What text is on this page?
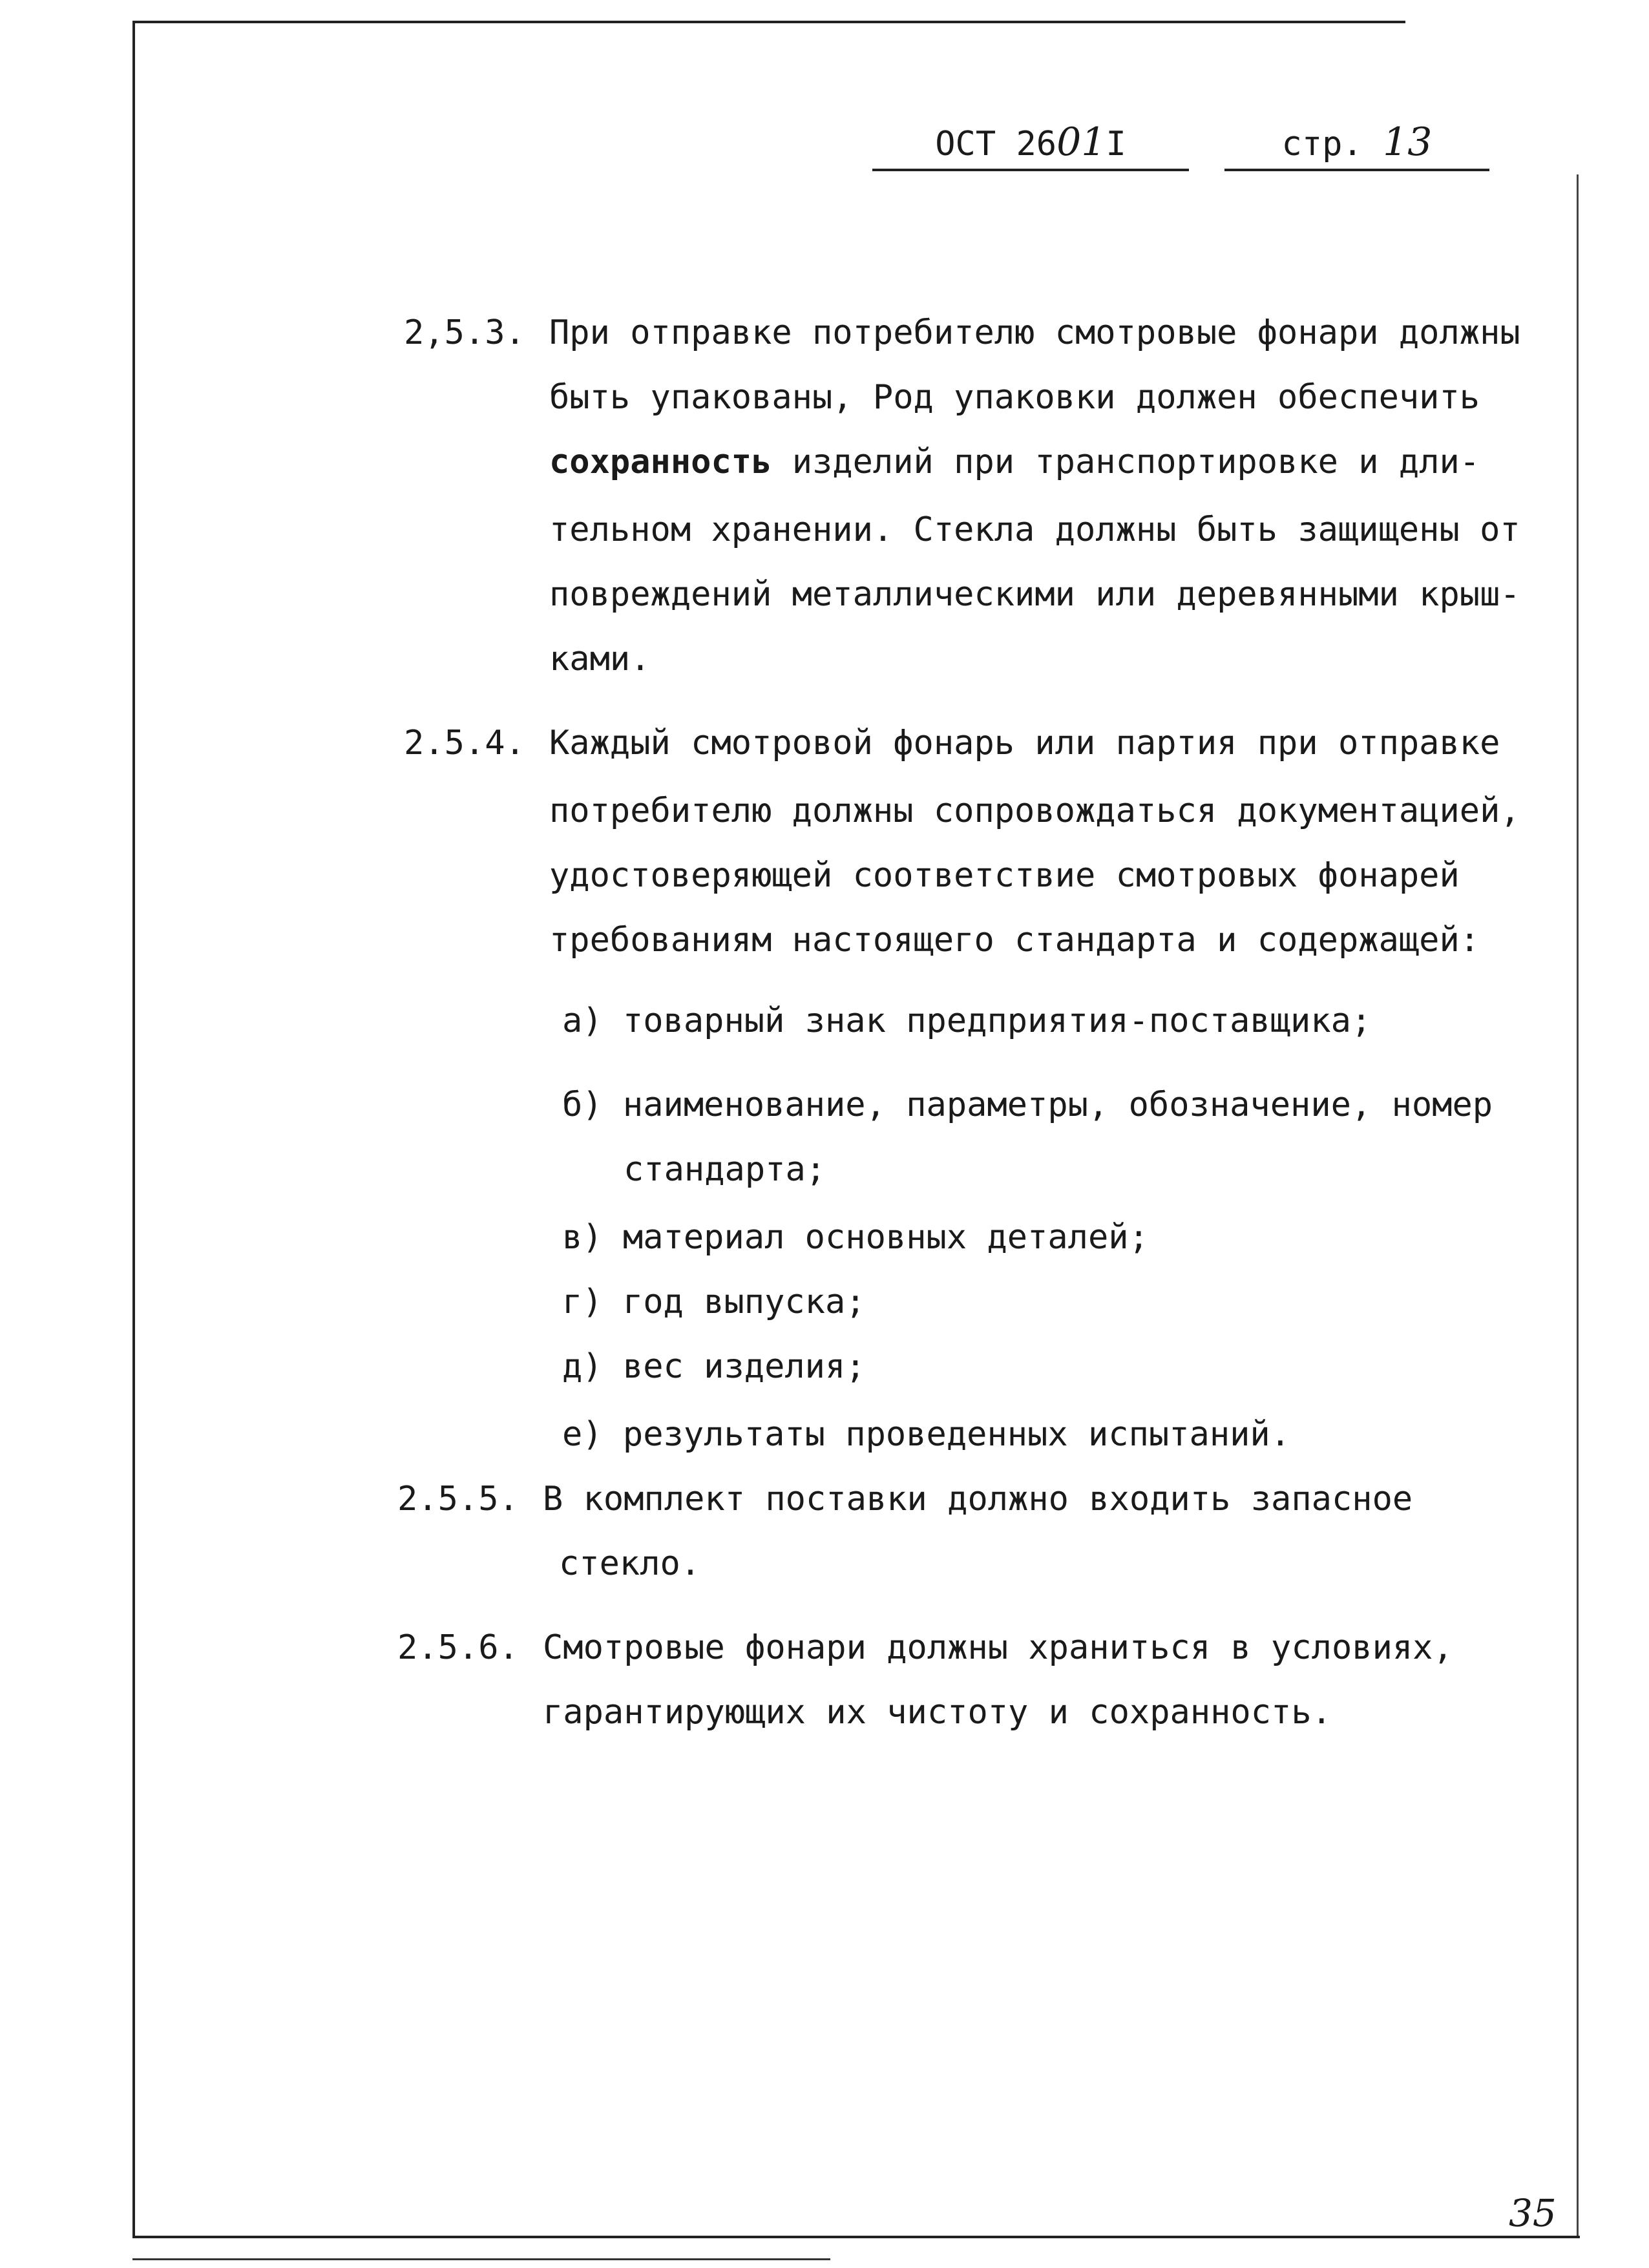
ОСТ 2601I	стр. 13
2,5.3. При отправке потребителю смотровые фонари должны
быть упакованы, Род упаковки должен обеспечить
сохранность изделий при транспортировке и дли-
тельном хранении. Стекла должны быть защищены от
повреждений металлическими или деревянными крыш-
ками.
2.5.4. Каждый смотровой фонарь или партия при отправке
потребителю должны сопровождаться документацией,
удостоверяющей соответствие смотровых фонарей
требованиям настоящего стандарта и содержащей:
а) товарный знак предприятия-поставщика;
б) наименование, параметры, обозначение, номер
стандарта;
в) материал основных деталей;
г) год выпуска;
д) вес изделия;
е) результаты проведенных испытаний.
2.5.5. В комплект поставки должно входить запасное
стекло.
2.5.6. Смотровые фонари должны храниться в условиях,
гарантирующих их чистоту и сохранность.
35
